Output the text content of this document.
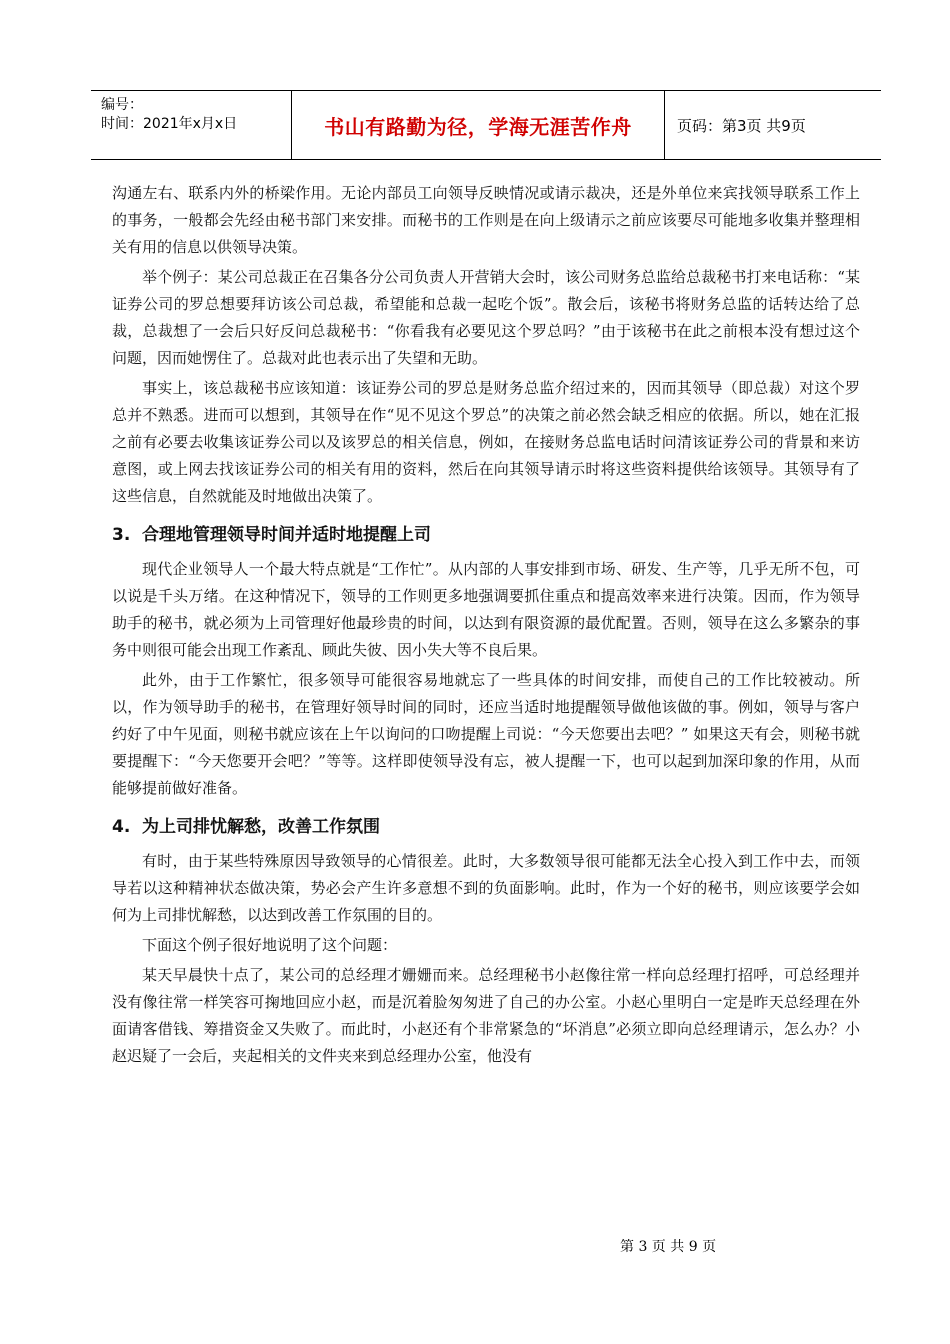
编号：
时间：2021年x月x日	书山有路勤为径，学海无涯苦作舟	页码：第3页 共9页

沟通左右、联系内外的桥梁作用。无论内部员工向领导反映情况或请示裁决，还是外单位来宾找领导联系工作上的事务，一般都会先经由秘书部门来安排。而秘书的工作则是在向上级请示之前应该要尽可能地多收集并整理相关有用的信息以供领导决策。

举个例子：某公司总裁正在召集各分公司负责人开营销大会时，该公司财务总监给总裁秘书打来电话称：“某证券公司的罗总想要拜访该公司总裁，希望能和总裁一起吃个饭”。散会后，该秘书将财务总监的话转达给了总裁，总裁想了一会后只好反问总裁秘书：“你看我有必要见这个罗总吗？”由于该秘书在此之前根本没有想过这个问题，因而她愣住了。总裁对此也表示出了失望和无助。

事实上，该总裁秘书应该知道：该证券公司的罗总是财务总监介绍过来的，因而其领导（即总裁）对这个罗总并不熟悉。进而可以想到，其领导在作“见不见这个罗总”的决策之前必然会缺乏相应的依据。所以，她在汇报之前有必要去收集该证券公司以及该罗总的相关信息，例如，在接财务总监电话时问清该证券公司的背景和来访意图，或上网去找该证券公司的相关有用的资料，然后在向其领导请示时将这些资料提供给该领导。其领导有了这些信息，自然就能及时地做出决策了。

3. 合理地管理领导时间并适时地提醒上司

现代企业领导人一个最大特点就是“工作忙”。从内部的人事安排到市场、研发、生产等，几乎无所不包，可以说是千头万绪。在这种情况下，领导的工作则更多地强调要抓住重点和提高效率来进行决策。因而，作为领导助手的秘书，就必须为上司管理好他最珍贵的时间，以达到有限资源的最优配置。否则，领导在这么多繁杂的事务中则很可能会出现工作紊乱、顾此失彼、因小失大等不良后果。

此外，由于工作繁忙，很多领导可能很容易地就忘了一些具体的时间安排，而使自己的工作比较被动。所以，作为领导助手的秘书，在管理好领导时间的同时，还应当适时地提醒领导做他该做的事。例如，领导与客户约好了中午见面，则秘书就应该在上午以询问的口吻提醒上司说：“今天您要出去吧？” 如果这天有会，则秘书就要提醒下：“今天您要开会吧？”等等。这样即使领导没有忘，被人提醒一下，也可以起到加深印象的作用，从而能够提前做好准备。

4. 为上司排忧解愁，改善工作氛围

有时，由于某些特殊原因导致领导的心情很差。此时，大多数领导很可能都无法全心投入到工作中去，而领导若以这种精神状态做决策，势必会产生许多意想不到的负面影响。此时，作为一个好的秘书，则应该要学会如何为上司排忧解愁，以达到改善工作氛围的目的。

下面这个例子很好地说明了这个问题：

某天早晨快十点了，某公司的总经理才姗姗而来。总经理秘书小赵像往常一样向总经理打招呼，可总经理并没有像往常一样笑容可掬地回应小赵，而是沉着脸匆匆进了自己的办公室。小赵心里明白一定是昨天总经理在外面请客借钱、筹措资金又失败了。而此时，小赵还有个非常紧急的“坏消息”必须立即向总经理请示，怎么办？小赵迟疑了一会后，夹起相关的文件夹来到总经理办公室，他没有

第 3 页 共 9 页
